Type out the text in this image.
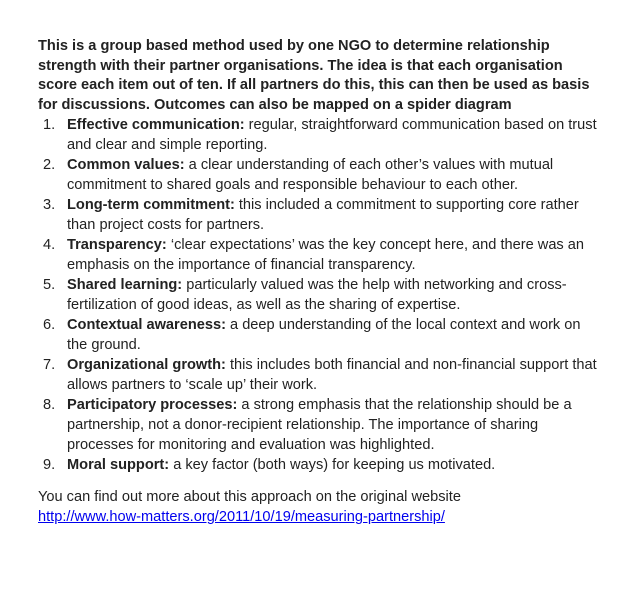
This is a group based method used by one NGO to determine relationship strength with their partner organisations. The idea is that each organisation score each item out of ten. If all partners do this, this can then be used as basis for discussions. Outcomes can also be mapped on a spider diagram

1. Effective communication: regular, straightforward communication based on trust and clear and simple reporting.
2. Common values: a clear understanding of each other’s values with mutual commitment to shared goals and responsible behaviour to each other.
3. Long-term commitment: this included a commitment to supporting core rather than project costs for partners.
4. Transparency: ‘clear expectations’ was the key concept here, and there was an emphasis on the importance of financial transparency.
5. Shared learning: particularly valued was the help with networking and cross-fertilization of good ideas, as well as the sharing of expertise.
6. Contextual awareness: a deep understanding of the local context and work on the ground.
7. Organizational growth: this includes both financial and non-financial support that allows partners to ‘scale up’ their work.
8. Participatory processes: a strong emphasis that the relationship should be a partnership, not a donor-recipient relationship. The importance of sharing processes for monitoring and evaluation was highlighted.
9. Moral support: a key factor (both ways) for keeping us motivated.
You can find out more about this approach on the original website
http://www.how-matters.org/2011/10/19/measuring-partnership/
